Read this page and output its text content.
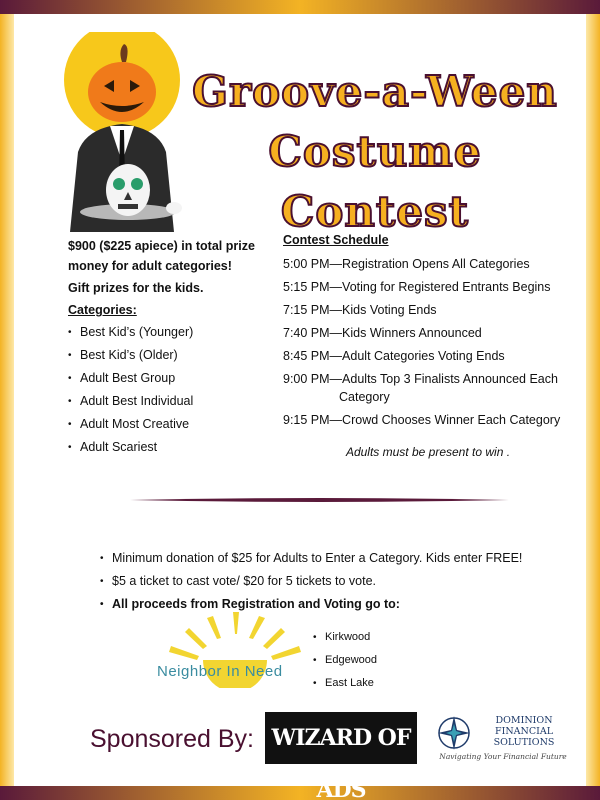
Groove-a-Ween
Costume Contest
$900 ($225 apiece) in total prize money for adult categories!
Gift prizes for the kids.
Categories:
• Best Kid’s (Younger)
• Best Kid’s (Older)
• Adult Best Group
• Adult Best Individual
• Adult Most Creative
• Adult Scariest
Contest Schedule
5:00 PM—Registration Opens All Categories
5:15 PM—Voting for Registered Entrants Begins
7:15 PM—Kids Voting Ends
7:40 PM—Kids Winners Announced
8:45 PM—Adult Categories Voting Ends
9:00 PM—Adults Top 3 Finalists Announced Each
Category
9:15 PM—Crowd Chooses Winner Each Category
Adults must be present to win .
• Minimum donation of $25 for Adults to Enter a Category. Kids enter FREE!
• $5 a ticket to cast vote/ $20 for 5 tickets to vote.
• All proceeds from Registration and Voting go to:
Neighbor In Need
• Kirkwood
• Edgewood
• East Lake
Sponsored By: WIZARD OF ADS
DOMINION FINANCIAL SOLUTIONS
Navigating Your Financial Future
